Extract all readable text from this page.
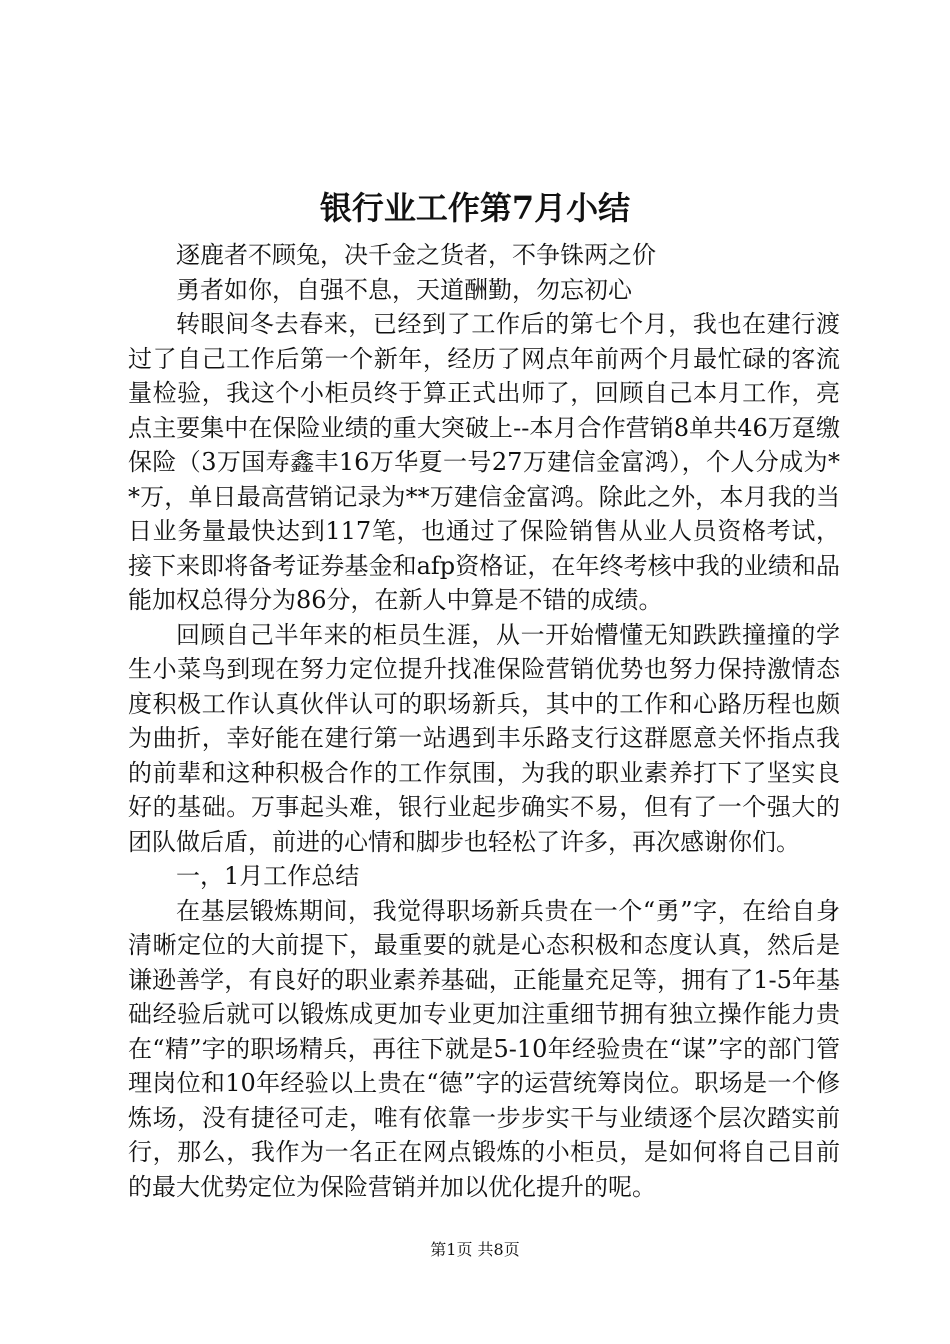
银行业工作第7月小结

逐鹿者不顾兔，决千金之货者，不争铢两之价

勇者如你，自强不息，天道酬勤，勿忘初心

转眼间冬去春来，已经到了工作后的第七个月，我也在建行渡过了自己工作后第一个新年，经历了网点年前两个月最忙碌的客流量检验，我这个小柜员终于算正式出师了，回顾自己本月工作，亮点主要集中在保险业绩的重大突破上--本月合作营销8单共46万趸缴保险（3万国寿鑫丰16万华夏一号27万建信金富鸿），个人分成为**万，单日最高营销记录为**万建信金富鸿。除此之外，本月我的当日业务量最快达到117笔，也通过了保险销售从业人员资格考试，接下来即将备考证券基金和afp资格证，在年终考核中我的业绩和品能加权总得分为86分，在新人中算是不错的成绩。

回顾自己半年来的柜员生涯，从一开始懵懂无知跌跌撞撞的学生小菜鸟到现在努力定位提升找准保险营销优势也努力保持激情态度积极工作认真伙伴认可的职场新兵，其中的工作和心路历程也颇为曲折，幸好能在建行第一站遇到丰乐路支行这群愿意关怀指点我的前辈和这种积极合作的工作氛围，为我的职业素养打下了坚实良好的基础。万事起头难，银行业起步确实不易，但有了一个强大的团队做后盾，前进的心情和脚步也轻松了许多，再次感谢你们。

一，1月工作总结

在基层锻炼期间，我觉得职场新兵贵在一个“勇”字，在给自身清晰定位的大前提下，最重要的就是心态积极和态度认真，然后是谦逊善学，有良好的职业素养基础，正能量充足等，拥有了1-5年基础经验后就可以锻炼成更加专业更加注重细节拥有独立操作能力贵在“精”字的职场精兵，再往下就是5-10年经验贵在“谋”字的部门管理岗位和10年经验以上贵在“德”字的运营统筹岗位。职场是一个修炼场，没有捷径可走，唯有依靠一步步实干与业绩逐个层次踏实前行，那么，我作为一名正在网点锻炼的小柜员，是如何将自己目前的最大优势定位为保险营销并加以优化提升的呢。

第1页 共8页
